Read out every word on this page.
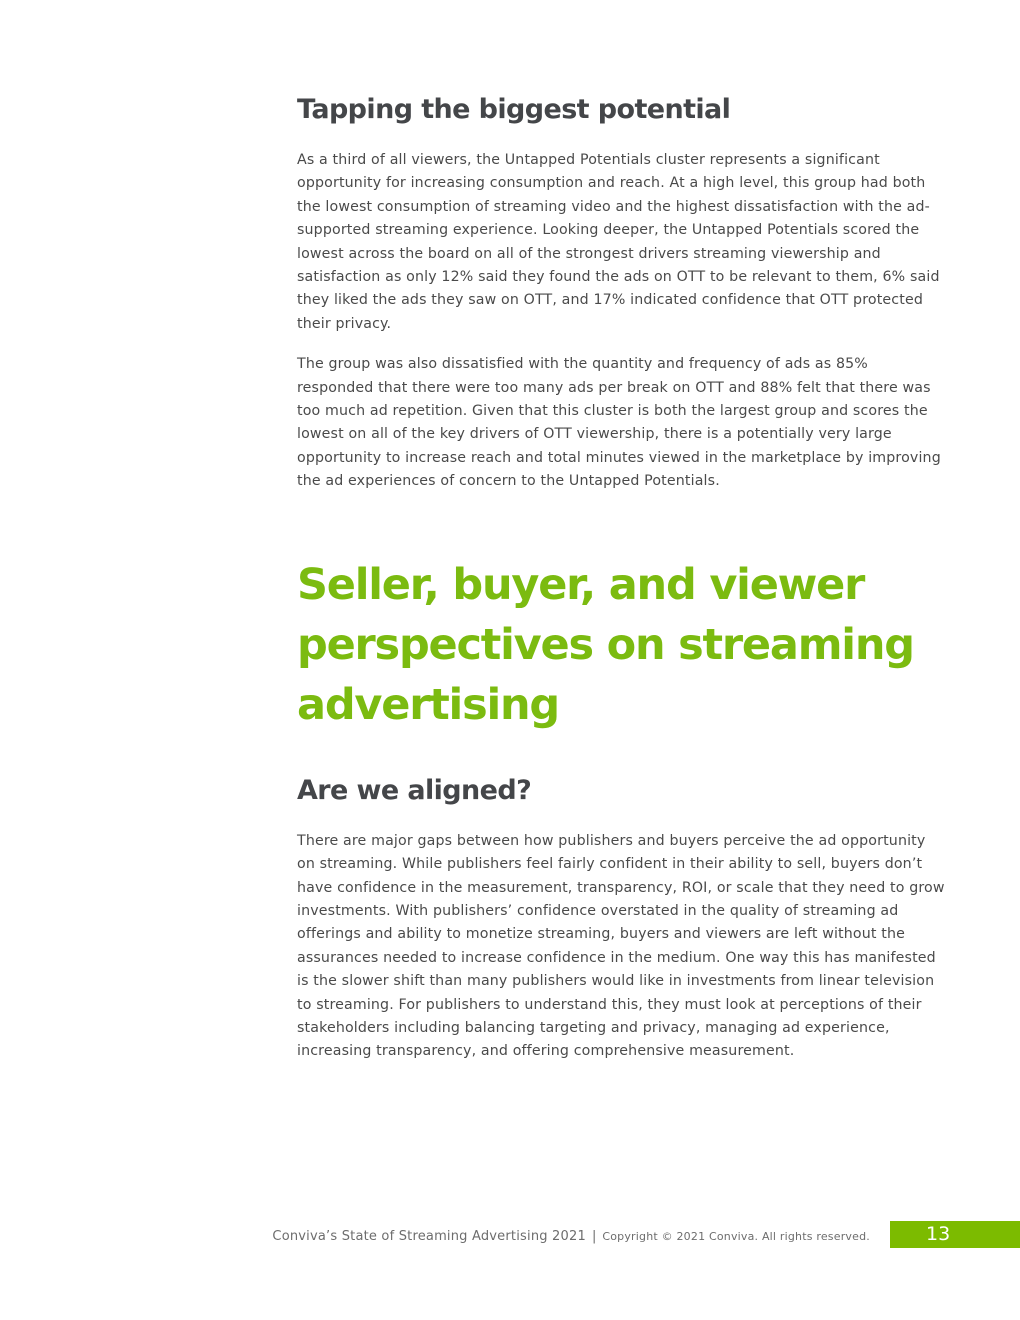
Tapping the biggest potential

As a third of all viewers, the Untapped Potentials cluster represents a significant opportunity for increasing consumption and reach. At a high level, this group had both the lowest consumption of streaming video and the highest dissatisfaction with the ad-supported streaming experience. Looking deeper, the Untapped Potentials scored the lowest across the board on all of the strongest drivers streaming viewership and satisfaction as only 12% said they found the ads on OTT to be relevant to them, 6% said they liked the ads they saw on OTT, and 17% indicated confidence that OTT protected their privacy.

The group was also dissatisfied with the quantity and frequency of ads as 85% responded that there were too many ads per break on OTT and 88% felt that there was too much ad repetition. Given that this cluster is both the largest group and scores the lowest on all of the key drivers of OTT viewership, there is a potentially very large opportunity to increase reach and total minutes viewed in the marketplace by improving the ad experiences of concern to the Untapped Potentials.

Seller, buyer, and viewer perspectives on streaming advertising
Are we aligned?

There are major gaps between how publishers and buyers perceive the ad opportunity on streaming. While publishers feel fairly confident in their ability to sell, buyers don’t have confidence in the measurement, transparency, ROI, or scale that they need to grow investments. With publishers’ confidence overstated in the quality of streaming ad offerings and ability to monetize streaming, buyers and viewers are left without the assurances needed to increase confidence in the medium. One way this has manifested is the slower shift than many publishers would like in investments from linear television to streaming. For publishers to understand this, they must look at perceptions of their stakeholders including balancing targeting and privacy, managing ad experience, increasing transparency, and offering comprehensive measurement.

Conviva’s State of Streaming Advertising 2021 | Copyright © 2021 Conviva. All rights reserved.	13
